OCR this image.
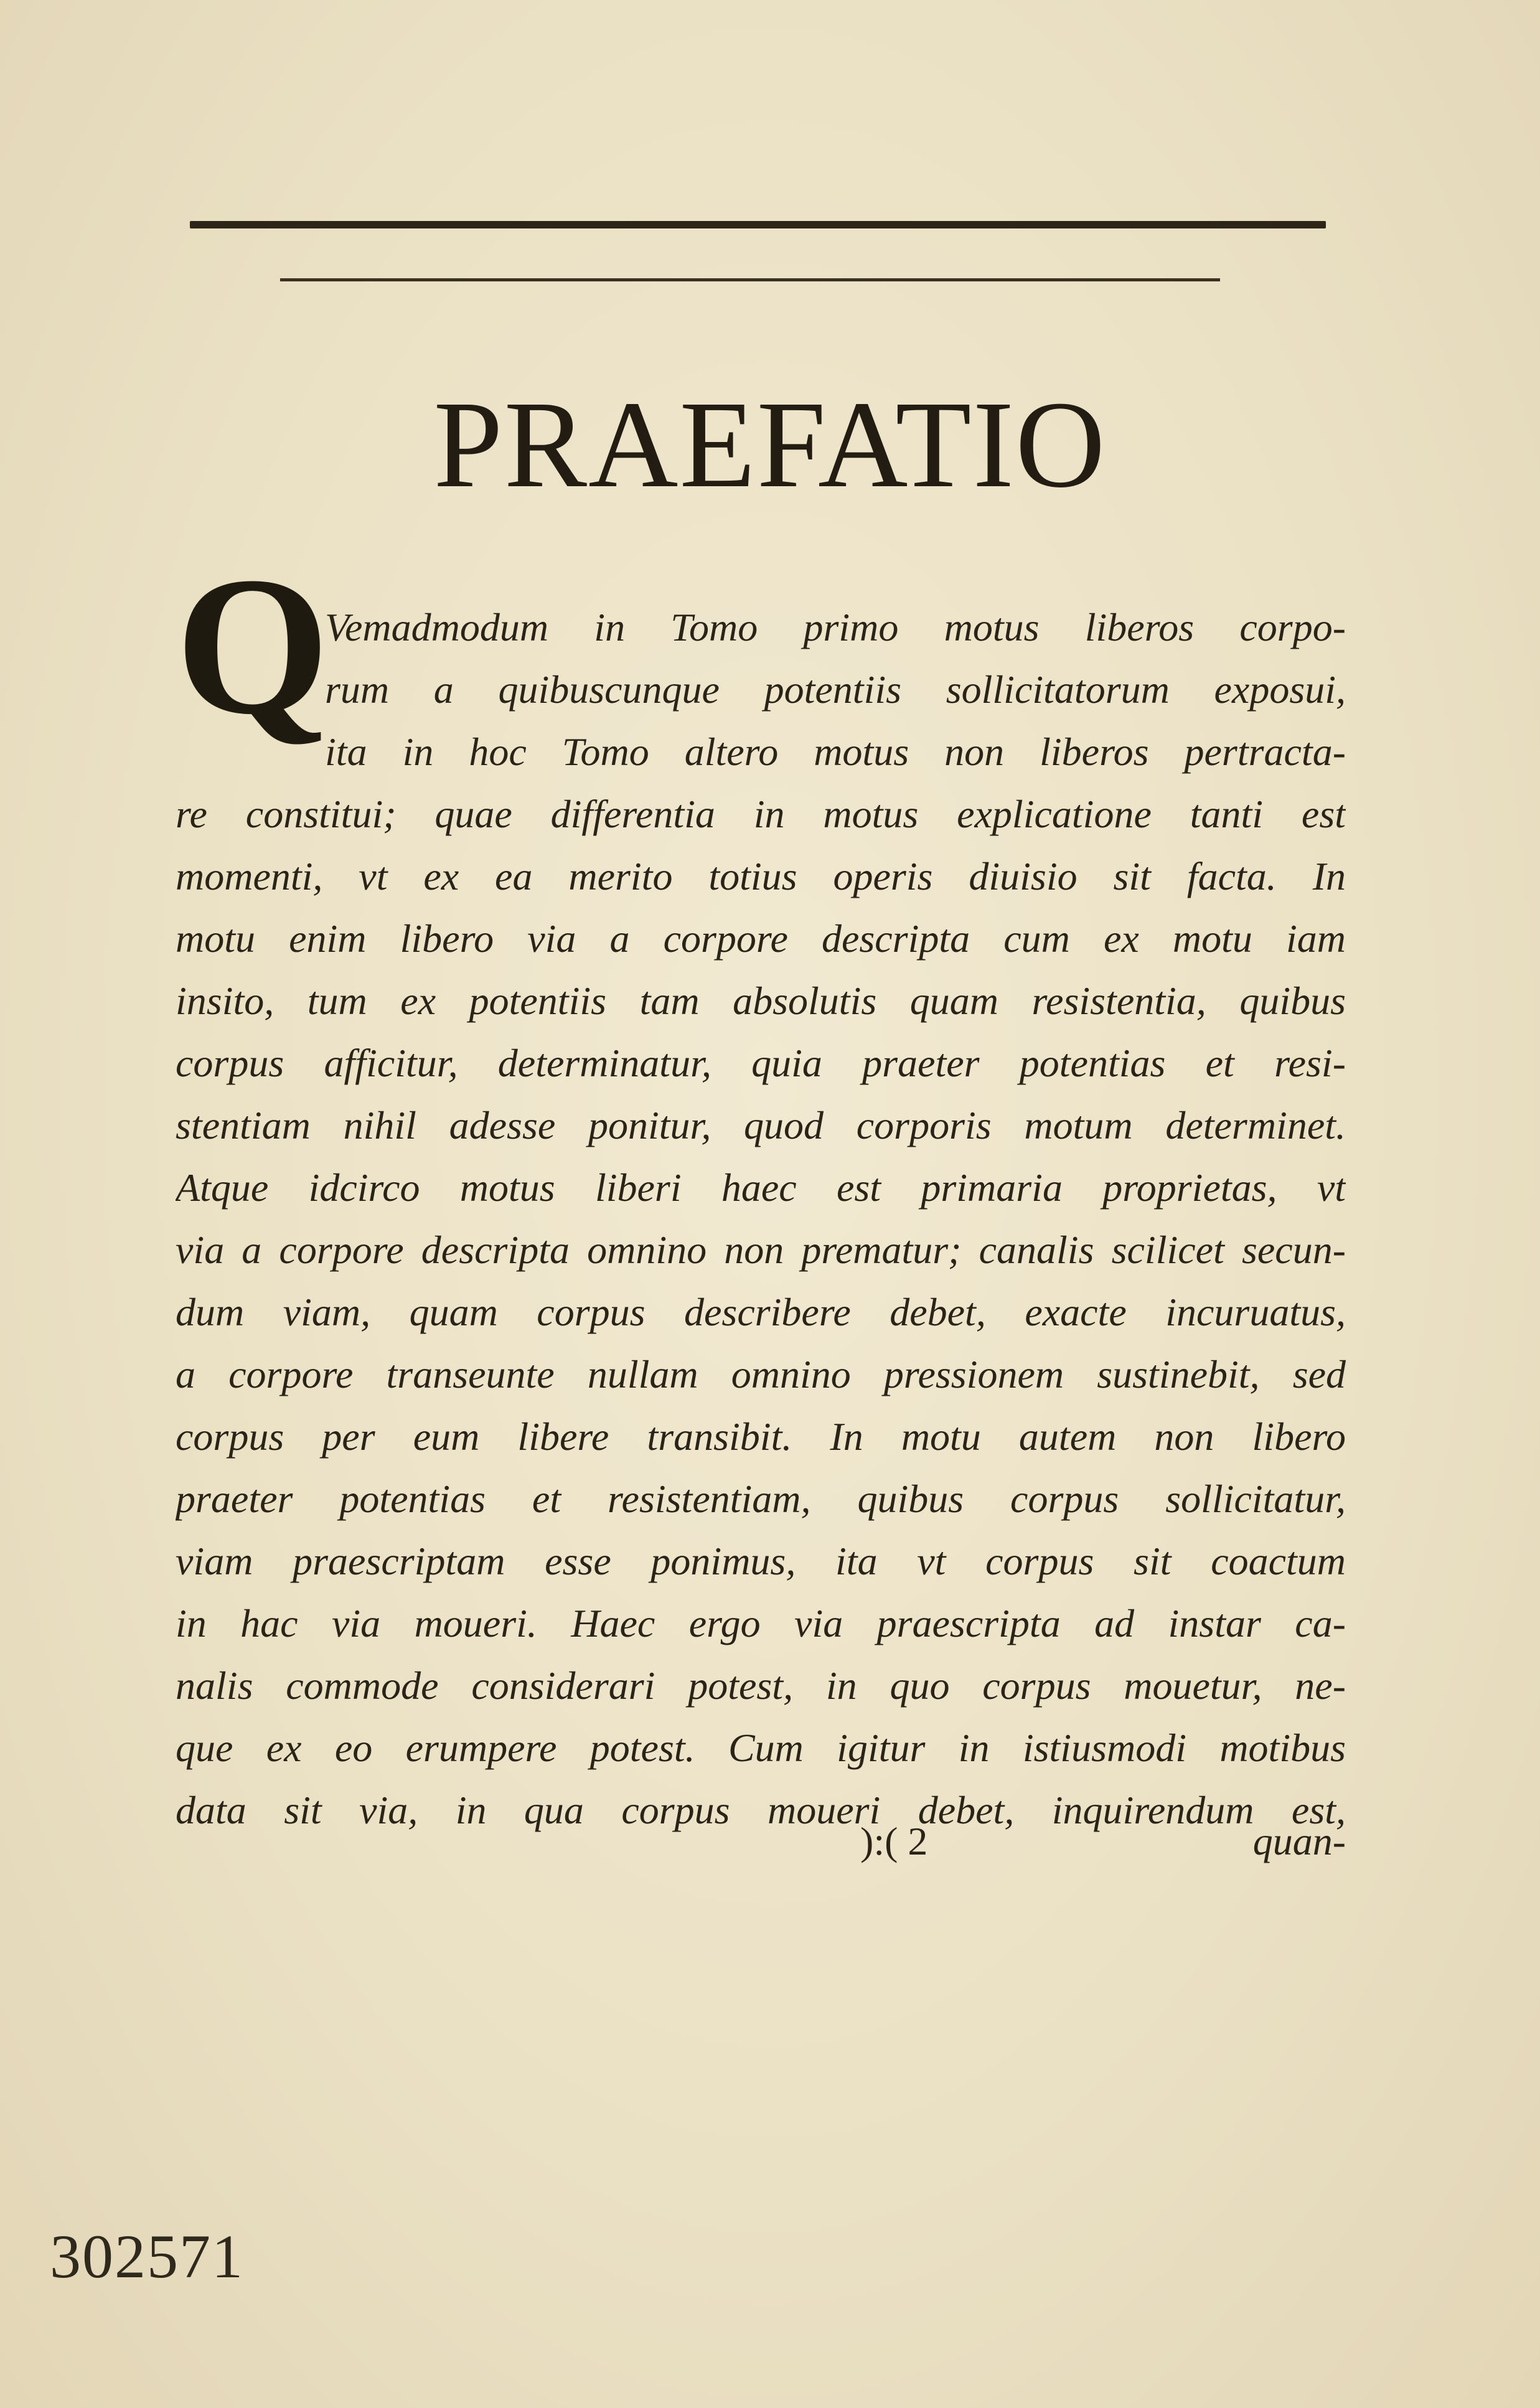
PRAEFATIO
Q
Vemadmodum in Tomo primo motus liberos corpo-
rum a quibuscunque potentiis sollicitatorum exposui,
ita in hoc Tomo altero motus non liberos pertracta-
re constitui; quae differentia in motus explicatione tanti est
momenti, vt ex ea merito totius operis diuisio sit facta. In
motu enim libero via a corpore descripta cum ex motu iam
insito, tum ex potentiis tam absolutis quam resistentia, quibus
corpus afficitur, determinatur, quia praeter potentias et resi-
stentiam nihil adesse ponitur, quod corporis motum determinet.
Atque idcirco motus liberi haec est primaria proprietas, vt
via a corpore descripta omnino non prematur; canalis scilicet secun-
dum viam, quam corpus describere debet, exacte incuruatus,
a corpore transeunte nullam omnino pressionem sustinebit, sed
corpus per eum libere transibit. In motu autem non libero
praeter potentias et resistentiam, quibus corpus sollicitatur,
viam praescriptam esse ponimus, ita vt corpus sit coactum
in hac via moueri. Haec ergo via praescripta ad instar ca-
nalis commode considerari potest, in quo corpus mouetur, ne-
que ex eo erumpere potest. Cum igitur in istiusmodi motibus
data sit via, in qua corpus moueri debet, inquirendum est,
):( 2	quan-
302571
